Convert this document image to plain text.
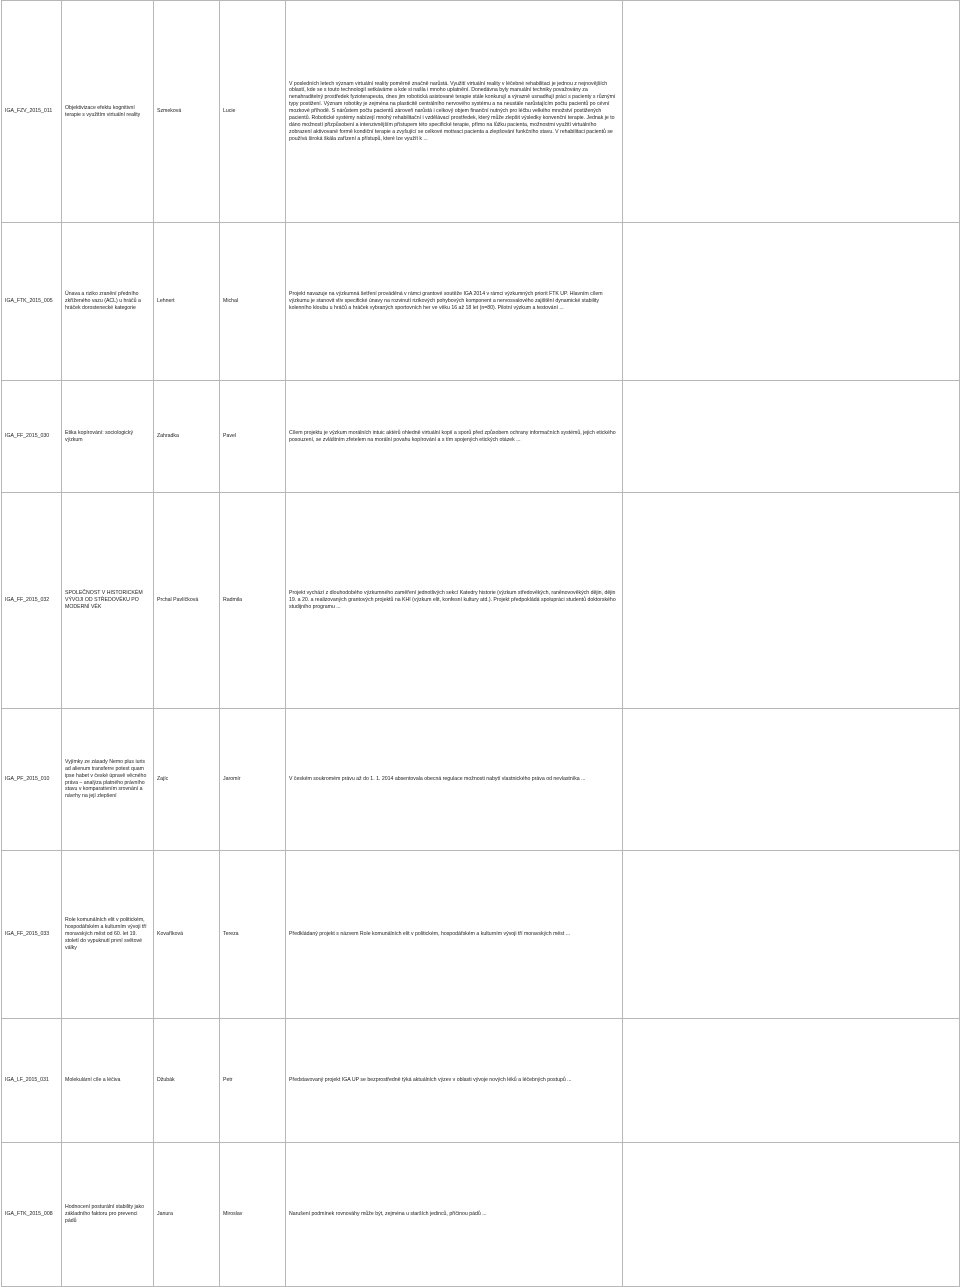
IGA_FZV_2015_011	Objektivizace efektu kognitivní terapie s využitím virtuální reality	Szmeková	Lucie	V posledních letech význam virtuální reality poměrně značně narůstá. Využití virtuální reality v léčebné rehabilitaci je jednou z nejnovějších oblastí, kde se s touto technologií setkáváme a kde si našla i mnoho uplatnění. Donedávna byly manuální techniky považovány za nenahraditelný prostředek fyzioterapeuta, dnes jim robotická asistované terapie stále konkurují a výrazně usnadňují práci s pacienty s různými typy postižení. Význam robotiky je zejména na plasticitě centrálního nervového systému a na neustále narůstajícím počtu pacientů po cévní mozkové příhodě. S nárůstem počtu pacientů zároveň narůstá i celkový objem finanční nutných pro léčbu velkého množství postižených pacientů. Robotické systémy nabízejí mnohý rehabilitační i vzdělávací prostředek, který může zlepšit výsledky konvenční terapie. Jednak je to dáno možností přizpůsobení a intenzivnějším přístupem této specifické terapie, přímo na lůžku pacienta, možnostmi využití virtuálního zobrazení aktivované formě kondiční terapie a zvyšující se celkové motivaci pacienta a zlepšování funkčního stavu. V rehabilitaci pacientů se používá široká škála zařízení a přístupů, které lze využít k ...	

IGA_FTK_2015_005	Únava a riziko zranění předního zkříženého vazu (ACL) u hráčů a hráček dorostenecké kategorie	Lehnert	Michal	Projekt navazuje na výzkumná šetření prováděná v rámci grantové soutěže IGA 2014 v rámci výzkumných priorit FTK UP. Hlavním cílem výzkumu je stanovit vliv specifické únavy na rozvinutí rizikových pohybových komponent a nervosvalového zajištění dynamické stability kolenního kloubu u hráčů a hráček vybraných sportovních her ve věku 16 až 18 let (n=80). Pilotní výzkum a testování ...	

IGA_FF_2015_030	Etika kopírování: sociologický výzkum	Zahradka	Pavel	Cílem projektu je výzkum morálních intuic aktérů ohledně virtuální kopií a sporů před způsobem ochrany informačních systémů, jejich etického posouzení, se zvláštním zřetelem na morální povahu kopírování a s tím spojených etických otázek ...	

IGA_FF_2015_032	SPOLEČNOST V HISTORICKÉM VÝVOJI OD STŘEDOVĚKU PO MODERNÍ VĚK	Prchal Pavlíčková	Radmila	Projekt vychází z dlouhodobého výzkumného zaměření jednotlivých sekcí Katedry historie (výzkum středověkých, raněnovověkých dějin, dějin 19. a 20. a realizovaných grantových projektů na KHI (výzkum elit, konfesní kultury atd.). Projekt předpokládá spolupráci studentů doktorského studijního programu ...	

IGA_PF_2015_010	Vyjímky ze zásady Nemo plus iuris ad alienum transferre potest quam ipse habet v české úpravě věcného práva – analýza platného právního stavu v komparativním srovnání a návrhy na její zlepšení	Zajíc	Jaromír	V českém soukromém právu až do 1. 1. 2014 absentovala obecná regulace možnosti nabytí vlastnického práva od nevlastníka ...	

IGA_FF_2015_033	Role komunálních elit v politickém, hospodářském a kulturním vývoji tří moravských měst od 60. let 19. století do vypuknutí první světové války	Kovaříková	Tereza	Předkládaný projekt s názvem Role komunálních elit v politickém, hospodářském a kulturním vývoji tří moravských měst ...	

IGA_LF_2015_031	Molekulární cíle a léčiva	Džubák	Petr	Představovaný projekt IGA UP se bezprostředně týká aktuálních výzev v oblasti vývoje nových léků a léčebných postupů ...	

IGA_FTK_2015_008	Hodnocení posturální stability jako základního faktoru pro prevenci pádů	Janura	Miroslav	Narušení podmínek rovnováhy může být, zejména u starších jedinců, příčinou pádů ...	
